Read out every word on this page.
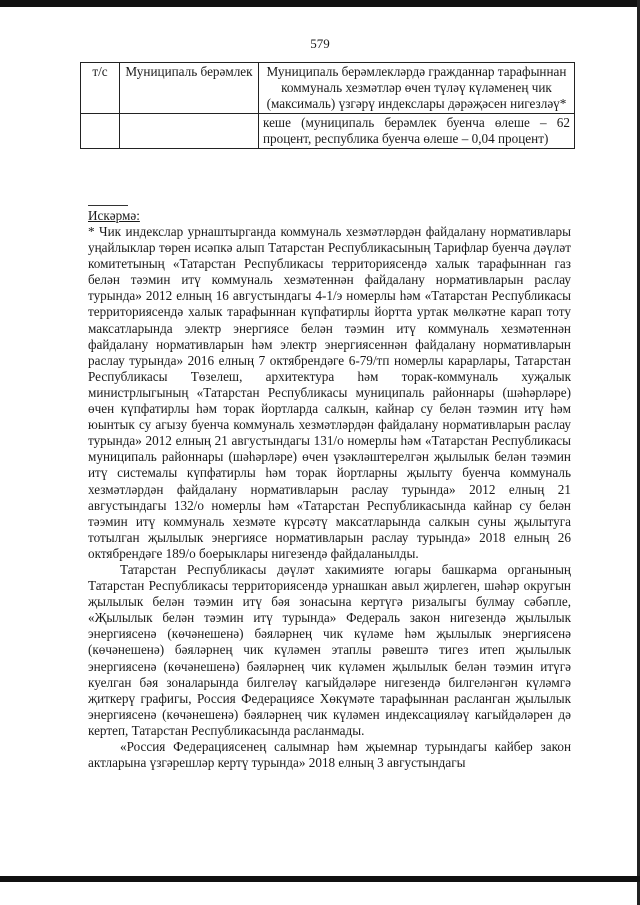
579
т/с	Муниципаль берәмлек	Муниципаль берәмлекләрдә гражданнар тарафыннан коммуналь хезмәтләр өчен түләү күләменең чик (максималь) үзгәрү индекслары дәрәҗәсен нигезләү*
		кеше (муниципаль берәмлек буенча өлеше – 62 процент, республика буенча өлеше – 0,04 процент)
Искәрмә:

* Чик индекслар урнаштырганда коммуналь хезмәтләрдән файдалану нормативлары уңайлыклар төрен исәпкә алып Татарстан Республикасының Тарифлар буенча дәүләт комитетының «Татарстан Республикасы территориясендә халык тарафыннан газ белән тәэмин итү коммуналь хезмәтеннән файдалану нормативларын раслау турында» 2012 елның 16 августындагы 4-1/э номерлы һәм «Татарстан Республикасы территориясендә халык тарафыннан күпфатирлы йортта уртак мөлкәтне карап тоту максатларында электр энергиясе белән тәэмин итү коммуналь хезмәтеннән файдалану нормативларын һәм электр энергиясеннән файдалану нормативларын раслау турында» 2016 елның 7 октябрендәге 6-79/тп номерлы карарлары, Татарстан Республикасы Төзелеш, архитектура һәм торак-коммуналь хуҗалык министрлыгының «Татарстан Республикасы муниципаль районнары (шәһәрләре) өчен күпфатирлы һәм торак йортларда салкын, кайнар су белән тәэмин итү һәм юынтык су агызу буенча коммуналь хезмәтләрдән файдалану нормативларын раслау турында» 2012 елның 21 августындагы 131/о номерлы һәм «Татарстан Республикасы муниципаль районнары (шәһәрләре) өчен үзәкләштерелгән җылылык белән тәэмин итү системалы күпфатирлы һәм торак йортларны җылыту буенча коммуналь хезмәтләрдән файдалану нормативларын раслау турында» 2012 елның 21 августындагы 132/о номерлы һәм «Татарстан Республикасында кайнар су белән тәэмин итү коммуналь хезмәте күрсәтү максатларында салкын суны җылытуга тотылган җылылык энергиясе нормативларын раслау турында» 2018 елның 26 октябрендәге 189/о боерыклары нигезендә файдаланылды.

Татарстан Республикасы дәүләт хакимияте югары башкарма органының Татарстан Республикасы территориясендә урнашкан авыл җирлеген, шәһәр округын җылылык белән тәэмин итү бәя зонасына кертүгә ризалыгы булмау сәбәпле, «Җылылык белән тәэмин итү турында» Федераль закон нигезендә җылылык энергиясенә (көчәнешенә) бәяләрнең чик күләме һәм җылылык энергиясенә (көчәнешенә) бәяләрнең чик күләмен этаплы рәвештә тигез итеп җылылык энергиясенә (көчәнешенә) бәяләрнең чик күләмен җылылык белән тәэмин итүгә куелган бәя зоналарында билгеләү кагыйдәләре нигезендә билгеләнгән күләмгә җиткерү графигы, Россия Федерациясе Хөкүмәте тарафыннан расланган җылылык энергиясенә (көчәнешенә) бәяләрнең чик күләмен индексацияләү кагыйдәләрен дә кертеп, Татарстан Республикасында расланмады.

«Россия Федерациясенең салымнар һәм җыемнар турындагы кайбер закон актларына үзгәрешләр кертү турында» 2018 елның 3 августындагы
